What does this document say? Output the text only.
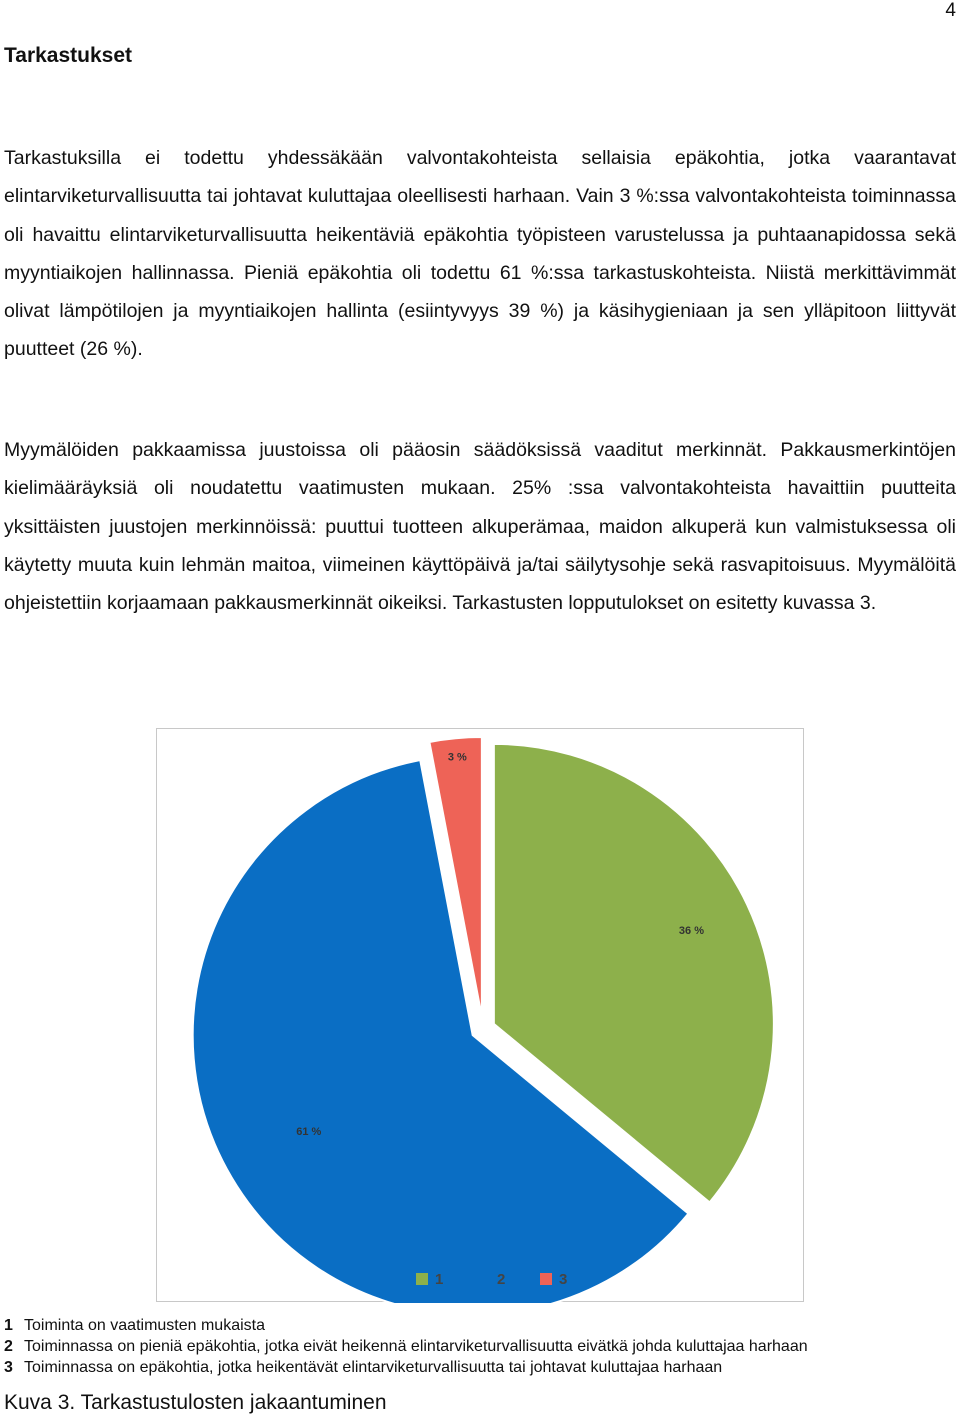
4
Tarkastukset

Tarkastuksilla ei todettu yhdessäkään valvontakohteista sellaisia epäkohtia, jotka vaarantavat elintarviketurvallisuutta tai johtavat kuluttajaa oleellisesti harhaan. Vain 3 %:ssa valvontakohteista toiminnassa oli havaittu elintarviketurvallisuutta heikentäviä epäkohtia työpisteen varustelussa ja puhtaanapidossa sekä myyntiaikojen hallinnassa. Pieniä epäkohtia oli todettu 61 %:ssa tarkastuskohteista. Niistä merkittävimmät olivat lämpötilojen ja myyntiaikojen hallinta (esiintyvyys 39 %) ja käsihygieniaan ja sen ylläpitoon liittyvät puutteet (26 %).

Myymälöiden pakkaamissa juustoissa oli pääosin säädöksissä vaaditut merkinnät. Pakkausmerkintöjen kielimääräyksiä oli noudatettu vaatimusten mukaan. 25% :ssa valvontakohteista havaittiin puutteita yksittäisten juustojen merkinnöissä: puuttui tuotteen alkuperämaa, maidon alkuperä kun valmistuksessa oli käytetty muuta kuin lehmän maitoa, viimeinen käyttöpäivä ja/tai säilytysohje sekä rasvapitoisuus. Myymälöitä ohjeistettiin korjaamaan pakkausmerkinnät oikeiksi. Tarkastusten lopputulokset on esitetty kuvassa 3.

36 %
61 %
3 %
1	2	3
1 Toiminta on vaatimusten mukaista
2 Toiminnassa on pieniä epäkohtia, jotka eivät heikennä elintarviketurvallisuutta eivätkä johda kuluttajaa harhaan
3 Toiminnassa on epäkohtia, jotka heikentävät elintarviketurvallisuutta tai johtavat kuluttajaa harhaan
Kuva 3. Tarkastustulosten jakaantuminen
